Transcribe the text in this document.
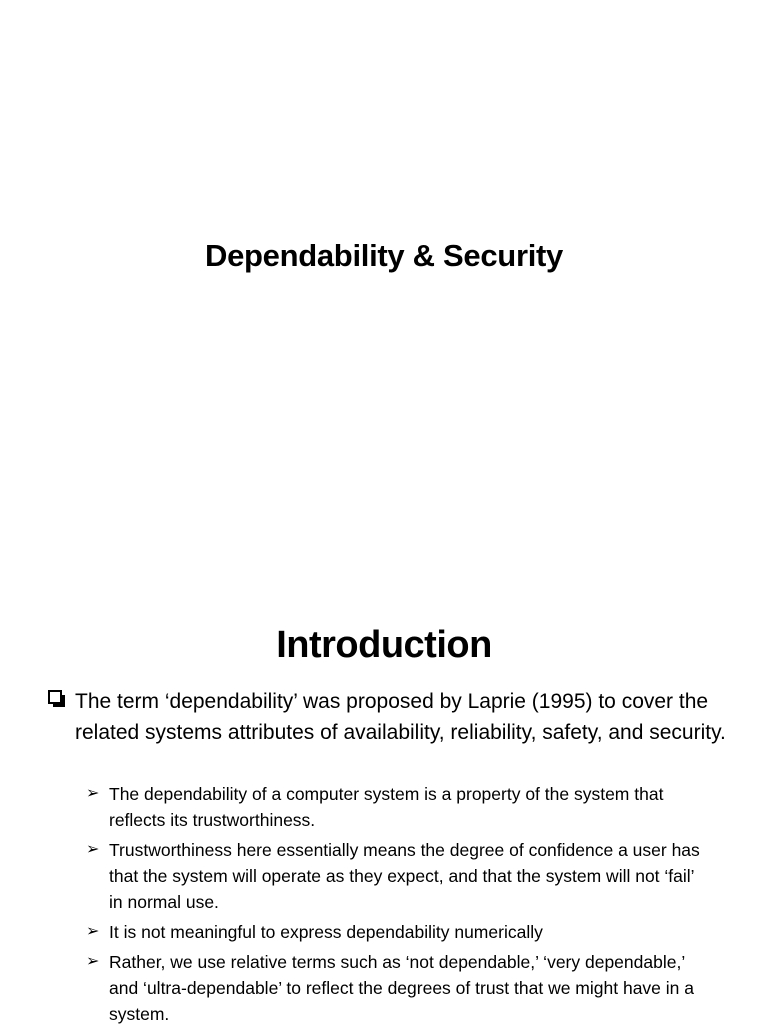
Dependability & Security
Introduction
The term ‘dependability’ was proposed by Laprie (1995) to cover the related systems attributes of availability, reliability, safety, and security.
➢ The dependability of a computer system is a property of the system that reflects its trustworthiness.
➢ Trustworthiness here essentially means the degree of confidence a user has that the system will operate as they expect, and that the system will not ‘fail’ in normal use.
➢ It is not meaningful to express dependability numerically
➢ Rather, we use relative terms such as ‘not dependable,’ ‘very dependable,’ and ‘ultra-dependable’ to reflect the degrees of trust that we might have in a system.
